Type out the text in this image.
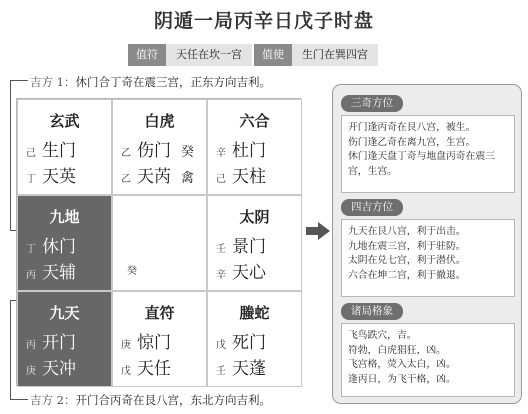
阴遁一局丙辛日戊子时盘
值符	天任在坎一宫	值使	生门在巽四宫
吉方 1：休门合丁奇在震三宫，正东方向吉利。
玄武
己 生门
丁 天英
白虎
乙 伤门 癸
乙 天芮 禽
六合
辛 杜门
己 天柱
九地
丁 休门
丙 天辅	癸
太阴
壬 景门
辛 天心
九天
丙 开门
庚 天冲
直符
庚 惊门
戊 天任
螣蛇
戊 死门
壬 天蓬
吉方 2：开门合丙奇在艮八宫，东北方向吉利。
三奇方位
开门逢丙奇在艮八宫，被生。
伤门逢乙奇在离九宫，生宫。
休门逢天盘丁奇与地盘丙奇在震三
宫，生宫。
四吉方位
九天在艮八宫，利于出击。
九地在震三宫，利于驻防。
太阴在兑七宫，利于潜伏。
六合在坤二宫，利于撤退。
诸局格象
飞鸟跌穴，吉。
符勃，白虎猖狂，凶。
飞宫格，荧入太白，凶。
逢丙日，为飞干格，凶。
